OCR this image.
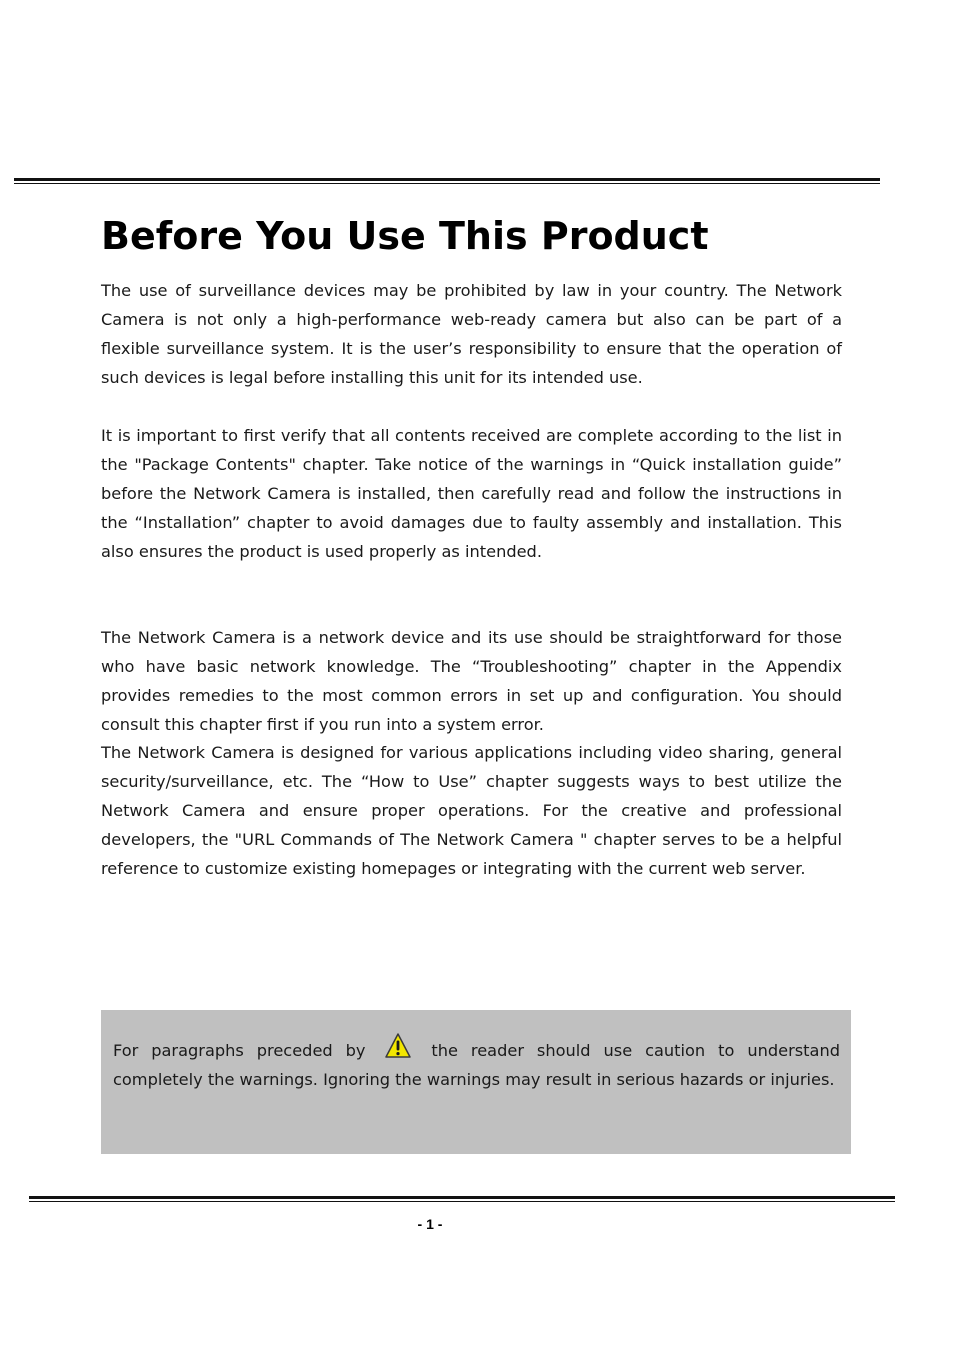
Before You Use This Product

The use of surveillance devices may be prohibited by law in your country. The Network Camera is not only a high-performance web-ready camera but also can be part of a flexible surveillance system. It is the user’s responsibility to ensure that the operation of such devices is legal before installing this unit for its intended use.

It is important to first verify that all contents received are complete according to the list in the "Package Contents" chapter. Take notice of the warnings in “Quick installation guide” before the Network Camera is installed, then carefully read and follow the instructions in the “Installation” chapter to avoid damages due to faulty assembly and installation. This also ensures the product is used properly as intended.

The Network Camera is a network device and its use should be straightforward for those who have basic network knowledge. The “Troubleshooting” chapter in the Appendix provides remedies to the most common errors in set up and configuration. You should consult this chapter first if you run into a system error.

The Network Camera is designed for various applications including video sharing, general security/surveillance, etc. The “How to Use” chapter suggests ways to best utilize the Network Camera and ensure proper operations. For the creative and professional developers, the "URL Commands of The Network Camera " chapter serves to be a helpful reference to customize existing homepages or integrating with the current web server.

For paragraphs preceded by	the reader should use caution to understand completely the warnings. Ignoring the warnings may result in serious hazards or injuries.

- 1 -
